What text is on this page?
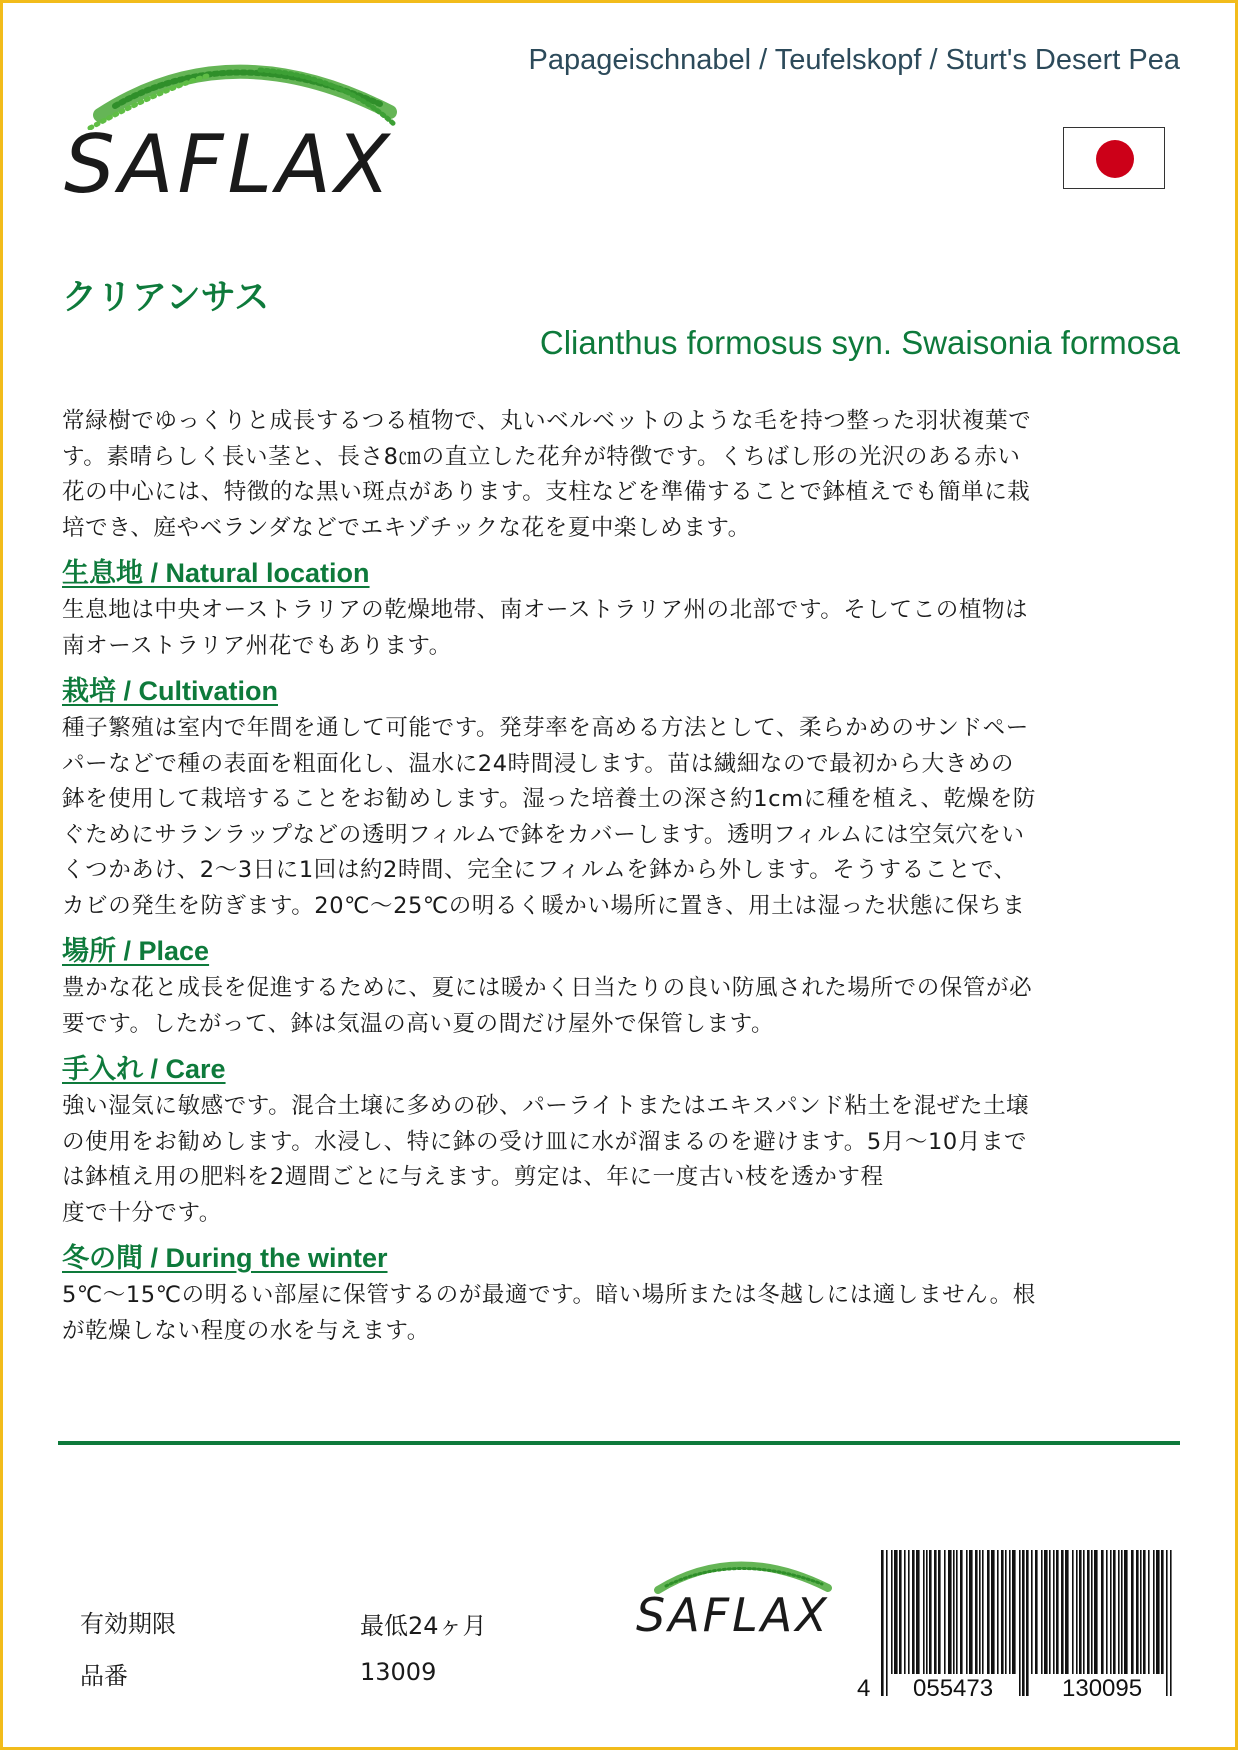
SAFLAX
Papageischnabel / Teufelskopf / Sturt's Desert Pea
クリアンサス
Clianthus formosus syn. Swaisonia formosa

常緑樹でゆっくりと成長するつる植物で、丸いベルベットのような毛を持つ整った羽状複葉で
す。素晴らしく長い茎と、長さ8㎝の直立した花弁が特徴です。くちばし形の光沢のある赤い
花の中心には、特徴的な黒い斑点があります。支柱などを準備することで鉢植えでも簡単に栽
培でき、庭やベランダなどでエキゾチックな花を夏中楽しめます。

生息地 / Natural location

生息地は中央オーストラリアの乾燥地帯、南オーストラリア州の北部です。そしてこの植物は
南オーストラリア州花でもあります。

栽培 / Cultivation

種子繁殖は室内で年間を通して可能です。発芽率を高める方法として、柔らかめのサンドペー
パーなどで種の表面を粗面化し、温水に24時間浸します。苗は繊細なので最初から大きめの
鉢を使用して栽培することをお勧めします。湿った培養土の深さ約1cmに種を植え、乾燥を防
ぐためにサランラップなどの透明フィルムで鉢をカバーします。透明フィルムには空気穴をい
くつかあけ、2～3日に1回は約2時間、完全にフィルムを鉢から外します。そうすることで、
カビの発生を防ぎます。20℃〜25℃の明るく暖かい場所に置き、用土は湿った状態に保ちま

場所 / Place

豊かな花と成長を促進するために、夏には暖かく日当たりの良い防風された場所での保管が必
要です。したがって、鉢は気温の高い夏の間だけ屋外で保管します。

手入れ / Care

強い湿気に敏感です。混合土壌に多めの砂、パーライトまたはエキスパンド粘土を混ぜた土壌
の使用をお勧めします。水浸し、特に鉢の受け皿に水が溜まるのを避けます。5月～10月まで
は鉢植え用の肥料を2週間ごとに与えます。剪定は、年に一度古い枝を透かす程
度で十分です。

冬の間 / During the winter

5℃～15℃の明るい部屋に保管するのが最適です。暗い場所または冬越しには適しません。根
が乾燥しない程度の水を与えます。

有効期限	最低24ヶ月
品番	13009
SAFLAX
4 055473	130095
